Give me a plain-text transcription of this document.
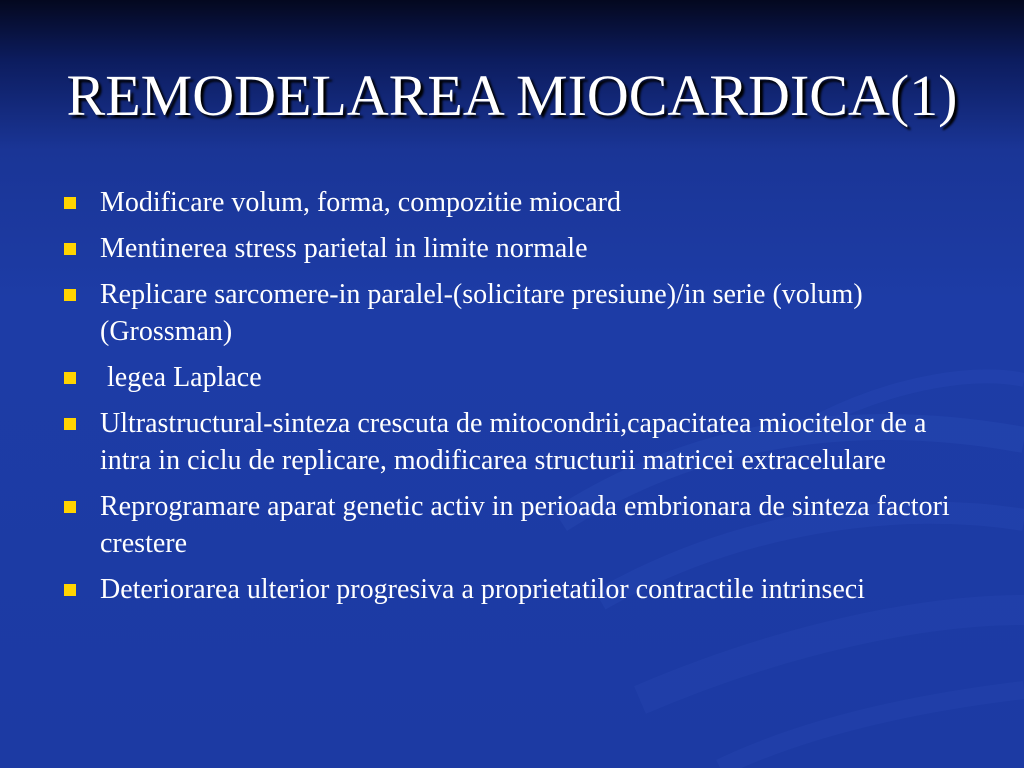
REMODELAREA MIOCARDICA(1)
Modificare volum, forma, compozitie miocard
Mentinerea stress parietal in limite normale
Replicare sarcomere-in paralel-(solicitare presiune)/in serie (volum)(Grossman)
legea Laplace
Ultrastructural-sinteza crescuta de mitocondrii,capacitatea miocitelor de a intra in ciclu de replicare, modificarea structurii matricei extracelulare
Reprogramare aparat genetic activ in perioada embrionara de sinteza factori crestere
Deteriorarea ulterior progresiva a proprietatilor contractile intrinseci
